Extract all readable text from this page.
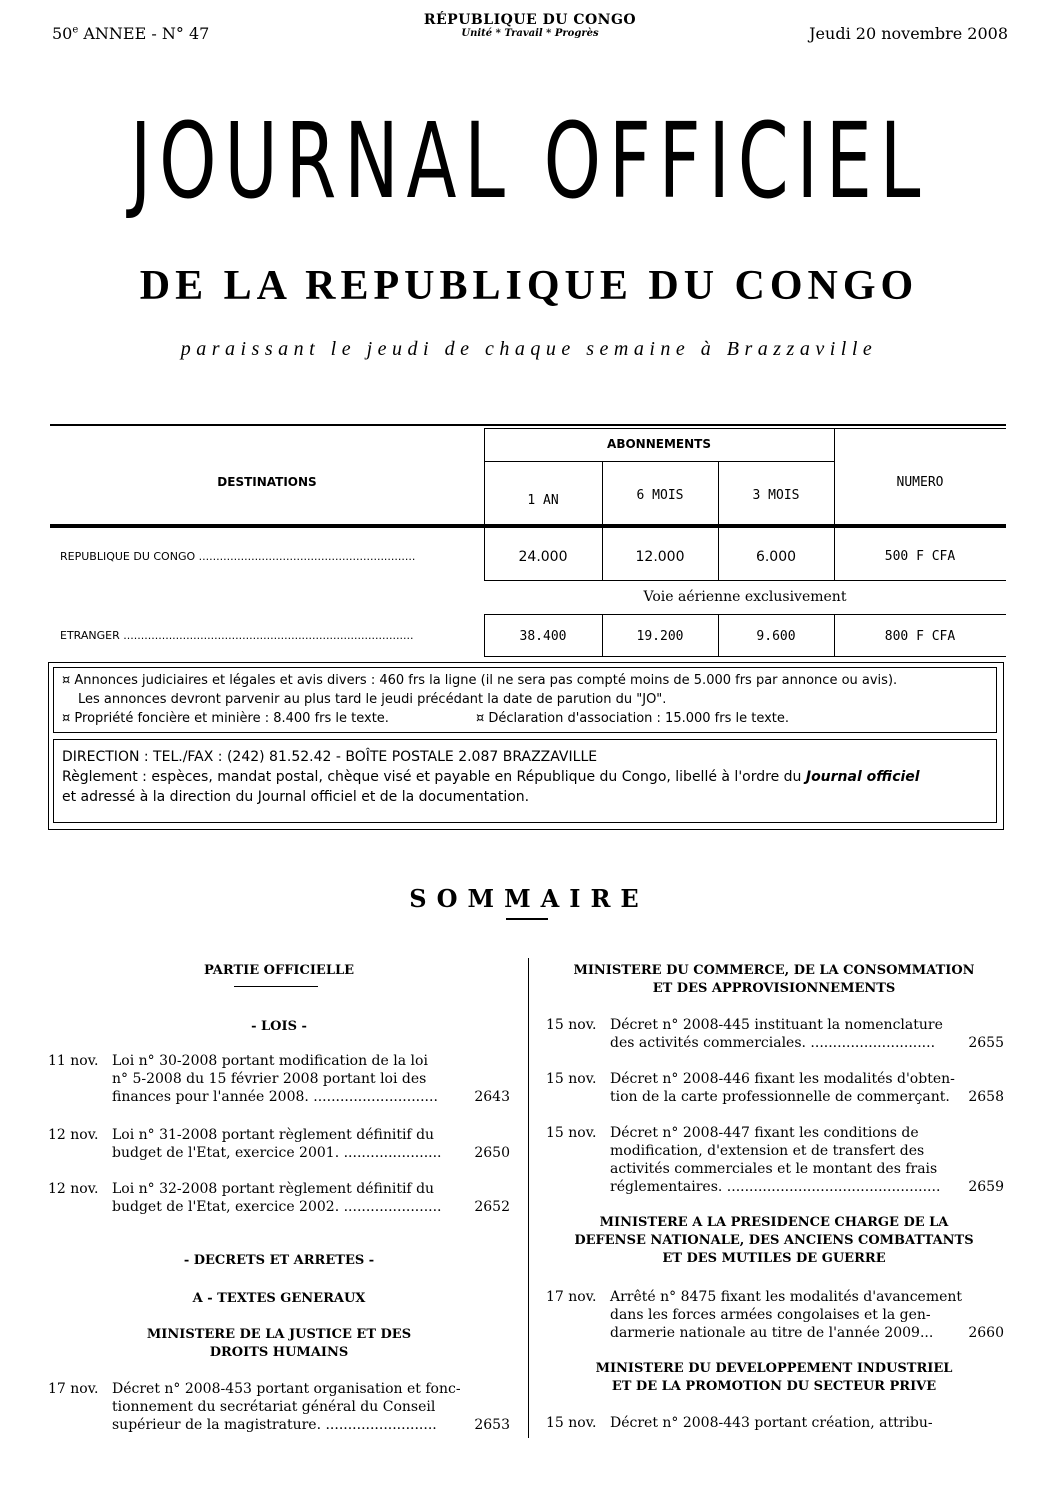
50e ANNEE - N° 47
RÉPUBLIQUE DU CONGO
Unité * Travail * Progrès	Jeudi 20 novembre 2008
JOURNAL OFFICIEL
DE LA REPUBLIQUE DU CONGO
paraissant le jeudi de chaque semaine à Brazzaville
DESTINATIONS
ABONNEMENTS
1 AN	6 MOIS	3 MOIS
NUMERO
REPUBLIQUE DU CONGO ..............................................................	24.000	12.000	6.000	500 F CFA
Voie aérienne exclusivement
ETRANGER ...................................................................................	38.400	19.200	9.600	800 F CFA
¤ Annonces judiciaires et légales et avis divers : 460 frs la ligne (il ne sera pas compté moins de 5.000 frs par annonce ou avis).
Les annonces devront parvenir au plus tard le jeudi précédant la date de parution du "JO".
¤ Propriété foncière et minière : 8.400 frs le texte.	¤ Déclaration d'association : 15.000 frs le texte.
DIRECTION : TEL./FAX : (242) 81.52.42 - BOÎTE POSTALE 2.087 BRAZZAVILLE
Règlement : espèces, mandat postal, chèque visé et payable en République du Congo, libellé à l'ordre du Journal officiel
et adressé à la direction du Journal officiel et de la documentation.
SOMMAIRE
PARTIE OFFICIELLE
- LOIS -
11 nov. Loi n° 30-2008 portant modification de la loi
n° 5-2008 du 15 février 2008 portant loi des
finances pour l'année 2008. ............................	2643
12 nov. Loi n° 31-2008 portant règlement définitif du
budget de l'Etat, exercice 2001. ...................... 2650
12 nov. Loi n° 32-2008 portant règlement définitif du
budget de l'Etat, exercice 2002. ...................... 2652
- DECRETS ET ARRETES -
A - TEXTES GENERAUX
MINISTERE DE LA JUSTICE ET DES
DROITS HUMAINS
17 nov. Décret n° 2008-453 portant organisation et fonc-
tionnement du secrétariat général du Conseil
supérieur de la magistrature. .........................	2653
MINISTERE DU COMMERCE, DE LA CONSOMMATION
ET DES APPROVISIONNEMENTS
15 nov. Décret n° 2008-445 instituant la nomenclature
des activités commerciales. ............................ 2655
15 nov. Décret n° 2008-446 fixant les modalités d'obten-
tion de la carte professionnelle de commerçant. 2658
15 nov. Décret n° 2008-447 fixant les conditions de
modification, d'extension et de transfert des
activités commerciales et le montant des frais
réglementaires. ................................................ 2659
MINISTERE A LA PRESIDENCE CHARGE DE LA
DEFENSE NATIONALE, DES ANCIENS COMBATTANTS
ET DES MUTILES DE GUERRE
17 nov. Arrêté n° 8475 fixant les modalités d'avancement
dans les forces armées congolaises et la gen-
darmerie nationale au titre de l'année 2009...	2660
MINISTERE DU DEVELOPPEMENT INDUSTRIEL
ET DE LA PROMOTION DU SECTEUR PRIVE
15 nov. Décret n° 2008-443 portant création, attribu-
